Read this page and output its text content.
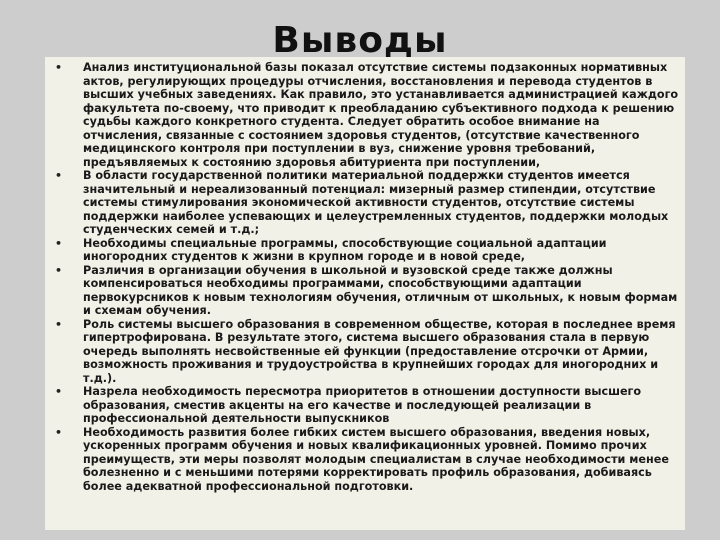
Выводы
• Анализ институциональной базы показал отсутствие системы подзаконных нормативных актов, регулирующих процедуры отчисления, восстановления и перевода студентов в высших учебных заведениях. Как правило, это устанавливается администрацией каждого факультета по-своему, что приводит к преобладанию субъективного подхода к решению судьбы каждого конкретного студента. Следует обратить особое внимание на отчисления, связанные с состоянием здоровья студентов, (отсутствие качественного медицинского контроля при поступлении в вуз, снижение уровня требований, предъявляемых к состоянию здоровья абитуриента при поступлении,
• В области государственной политики материальной поддержки студентов имеется значительный и нереализованный потенциал: мизерный размер стипендии, отсутствие системы стимулирования экономической активности студентов, отсутствие системы поддержки наиболее успевающих и целеустремленных студентов, поддержки молодых студенческих семей и т.д.;
• Необходимы специальные программы, способствующие социальной адаптации иногородних студентов к жизни в крупном городе и в новой среде,
• Различия в организации обучения в школьной и вузовской среде также должны компенсироваться необходимы программами, способствующими адаптации первокурсников к новым технологиям обучения, отличным от школьных, к новым формам и схемам обучения.
• Роль системы высшего образования в современном обществе, которая в последнее время гипертрофирована. В результате этого, система высшего образования стала в первую очередь выполнять несвойственные ей функции (предоставление отсрочки от Армии, возможность проживания и трудоустройства в крупнейших городах для иногородних и т.д.).
• Назрела необходимость пересмотра приоритетов в отношении доступности высшего образования, сместив акценты на его качестве и последующей реализации в профессиональной деятельности выпускников
• Необходимость развития более гибких систем высшего образования, введения новых, ускоренных программ обучения и новых квалификационных уровней. Помимо прочих преимуществ, эти меры позволят молодым специалистам в случае необходимости менее болезненно и с меньшими потерями корректировать профиль образования, добиваясь более адекватной профессиональной подготовки.
